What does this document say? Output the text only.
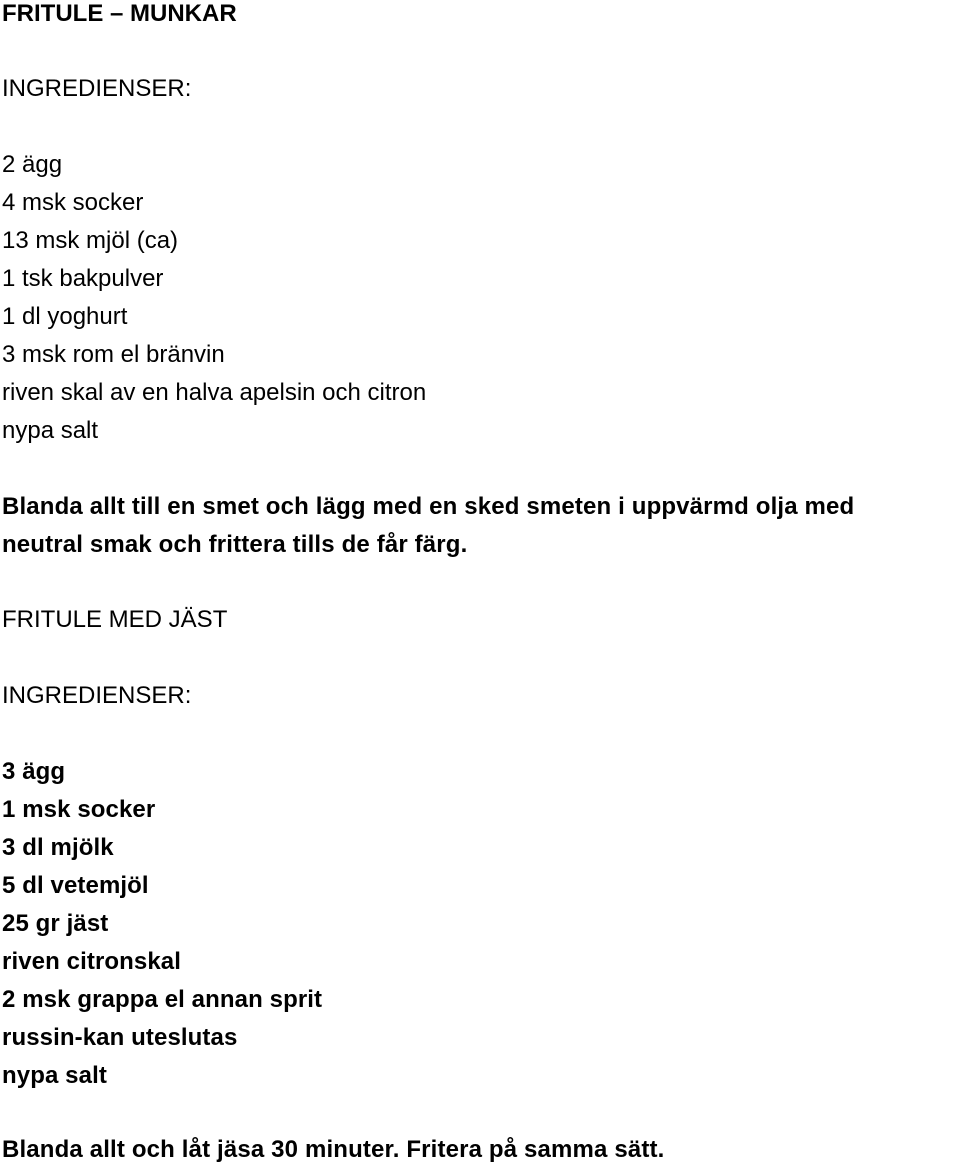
FRITULE – MUNKAR

INGREDIENSER:

2 ägg
4 msk socker
13 msk mjöl (ca)
1 tsk bakpulver
1 dl yoghurt
3 msk rom el bränvin
riven skal av en halva apelsin och citron
nypa salt

Blanda allt till en smet och lägg med en sked smeten i uppvärmd olja med

neutral smak och frittera tills de får färg.

FRITULE MED JÄST

INGREDIENSER:

3 ägg
1 msk socker
3 dl mjölk
5 dl vetemjöl
25 gr jäst
riven citronskal
2 msk grappa el annan sprit
russin-kan uteslutas
nypa salt

Blanda allt och låt jäsa 30 minuter. Fritera på samma sätt.
